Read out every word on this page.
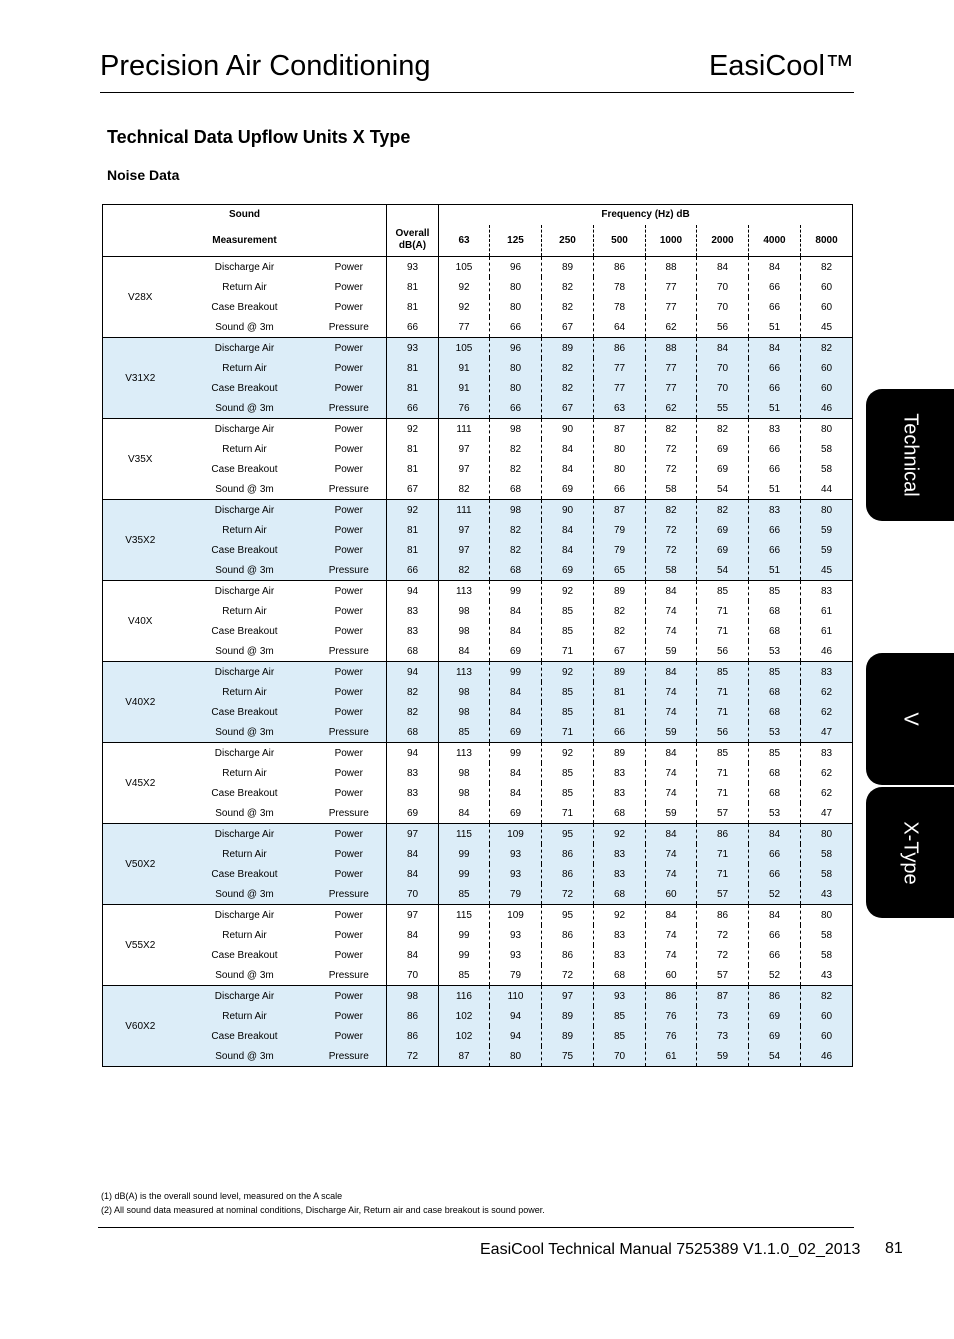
Precision Air Conditioning	EasiCool™
Technical Data Upflow Units X Type
Noise Data
Sound				Frequency (Hz) dB							
Measurement			Overall dB(A)	63	125	250	500	1000	2000	4000	8000
V28X	Discharge Air	Power	93	105	96	89	86	88	84	84	82
	Return Air	Power	81	92	80	82	78	77	70	66	60
	Case Breakout	Power	81	92	80	82	78	77	70	66	60
	Sound @ 3m	Pressure	66	77	66	67	64	62	56	51	45
V31X2	Discharge Air	Power	93	105	96	89	86	88	84	84	82
	Return Air	Power	81	91	80	82	77	77	70	66	60
	Case Breakout	Power	81	91	80	82	77	77	70	66	60
	Sound @ 3m	Pressure	66	76	66	67	63	62	55	51	46
V35X	Discharge Air	Power	92	111	98	90	87	82	82	83	80
	Return Air	Power	81	97	82	84	80	72	69	66	58
	Case Breakout	Power	81	97	82	84	80	72	69	66	58
	Sound @ 3m	Pressure	67	82	68	69	66	58	54	51	44
V35X2	Discharge Air	Power	92	111	98	90	87	82	82	83	80
	Return Air	Power	81	97	82	84	79	72	69	66	59
	Case Breakout	Power	81	97	82	84	79	72	69	66	59
	Sound @ 3m	Pressure	66	82	68	69	65	58	54	51	45
V40X	Discharge Air	Power	94	113	99	92	89	84	85	85	83
	Return Air	Power	83	98	84	85	82	74	71	68	61
	Case Breakout	Power	83	98	84	85	82	74	71	68	61
	Sound @ 3m	Pressure	68	84	69	71	67	59	56	53	46
V40X2	Discharge Air	Power	94	113	99	92	89	84	85	85	83
	Return Air	Power	82	98	84	85	81	74	71	68	62
	Case Breakout	Power	82	98	84	85	81	74	71	68	62
	Sound @ 3m	Pressure	68	85	69	71	66	59	56	53	47
V45X2	Discharge Air	Power	94	113	99	92	89	84	85	85	83
	Return Air	Power	83	98	84	85	83	74	71	68	62
	Case Breakout	Power	83	98	84	85	83	74	71	68	62
	Sound @ 3m	Pressure	69	84	69	71	68	59	57	53	47
V50X2	Discharge Air	Power	97	115	109	95	92	84	86	84	80
	Return Air	Power	84	99	93	86	83	74	71	66	58
	Case Breakout	Power	84	99	93	86	83	74	71	66	58
	Sound @ 3m	Pressure	70	85	79	72	68	60	57	52	43
V55X2	Discharge Air	Power	97	115	109	95	92	84	86	84	80
	Return Air	Power	84	99	93	86	83	74	72	66	58
	Case Breakout	Power	84	99	93	86	83	74	72	66	58
	Sound @ 3m	Pressure	70	85	79	72	68	60	57	52	43
V60X2	Discharge Air	Power	98	116	110	97	93	86	87	86	82
	Return Air	Power	86	102	94	89	85	76	73	69	60
	Case Breakout	Power	86	102	94	89	85	76	73	69	60
	Sound @ 3m	Pressure	72	87	80	75	70	61	59	54	46
(1) dB(A) is the overall sound level, measured on the A scale
(2) All sound data measured at nominal conditions, Discharge Air, Return air and case breakout is sound power.
EasiCool Technical Manual 7525389 V1.1.0_02_2013 81
Technical
V
X-Type
